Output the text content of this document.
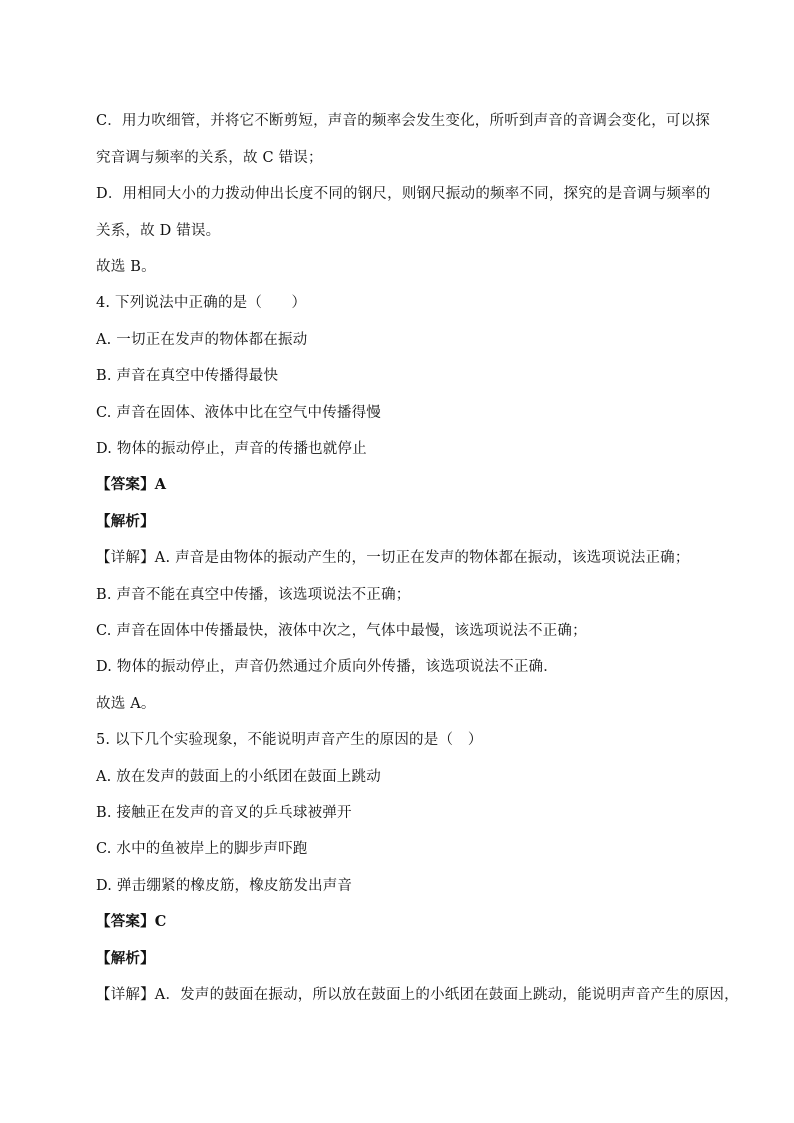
C．用力吹细管，并将它不断剪短，声音的频率会发生变化，所听到声音的音调会变化，可以探
究音调与频率的关系，故 C 错误；
D．用相同大小的力拨动伸出长度不同的钢尺，则钢尺振动的频率不同，探究的是音调与频率的
关系，故 D 错误。
故选 B。
4. 下列说法中正确的是（　　）
A. 一切正在发声的物体都在振动
B. 声音在真空中传播得最快
C. 声音在固体、液体中比在空气中传播得慢
D. 物体的振动停止，声音的传播也就停止
【答案】A
【解析】
【详解】A. 声音是由物体的振动产生的，一切正在发声的物体都在振动，该选项说法正确；
B. 声音不能在真空中传播，该选项说法不正确；
C. 声音在固体中传播最快，液体中次之，气体中最慢，该选项说法不正确；
D. 物体的振动停止，声音仍然通过介质向外传播，该选项说法不正确．
故选 A。
5. 以下几个实验现象，不能说明声音产生的原因的是（　）
A. 放在发声的鼓面上的小纸团在鼓面上跳动
B. 接触正在发声的音叉的乒乓球被弹开
C. 水中的鱼被岸上的脚步声吓跑
D. 弹击绷紧的橡皮筋，橡皮筋发出声音
【答案】C
【解析】
【详解】A．发声的鼓面在振动，所以放在鼓面上的小纸团在鼓面上跳动，能说明声音产生的原因，
